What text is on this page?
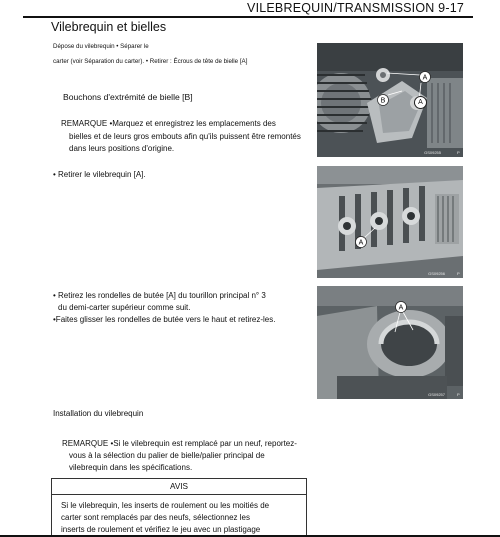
VILEBREQUIN/TRANSMISSION 9-17
Vilebrequin et bielles
Dépose du vilebrequin • Séparer le
carter (voir Séparation du carter). • Retirer : Écrous de tête de bielle [A]
Bouchons d'extrémité de bielle [B]
REMARQUE •Marquez et enregistrez les emplacements des
bielles et de leurs gros embouts afin qu'ils puissent être remontés
dans leurs positions d'origine.
• Retirer le vilebrequin [A].
• Retirez les rondelles de butée [A] du tourillon principal n° 3
du demi-carter supérieur comme suit.
•Faites glisser les rondelles de butée vers le haut et retirez-les.
Installation du vilebrequin
REMARQUE •Si le vilebrequin est remplacé par un neuf, reportez-
vous à la sélection du palier de bielle/palier principal de
vilebrequin dans les spécifications.
AVIS
Si le vilebrequin, les inserts de roulement ou les moitiés de
carter sont remplacés par des neufs, sélectionnez les
inserts de roulement et vérifiez le jeu avec un plastigage
A
B
GS09255	P
A
GS09256	P
A
GS09257	P
A
